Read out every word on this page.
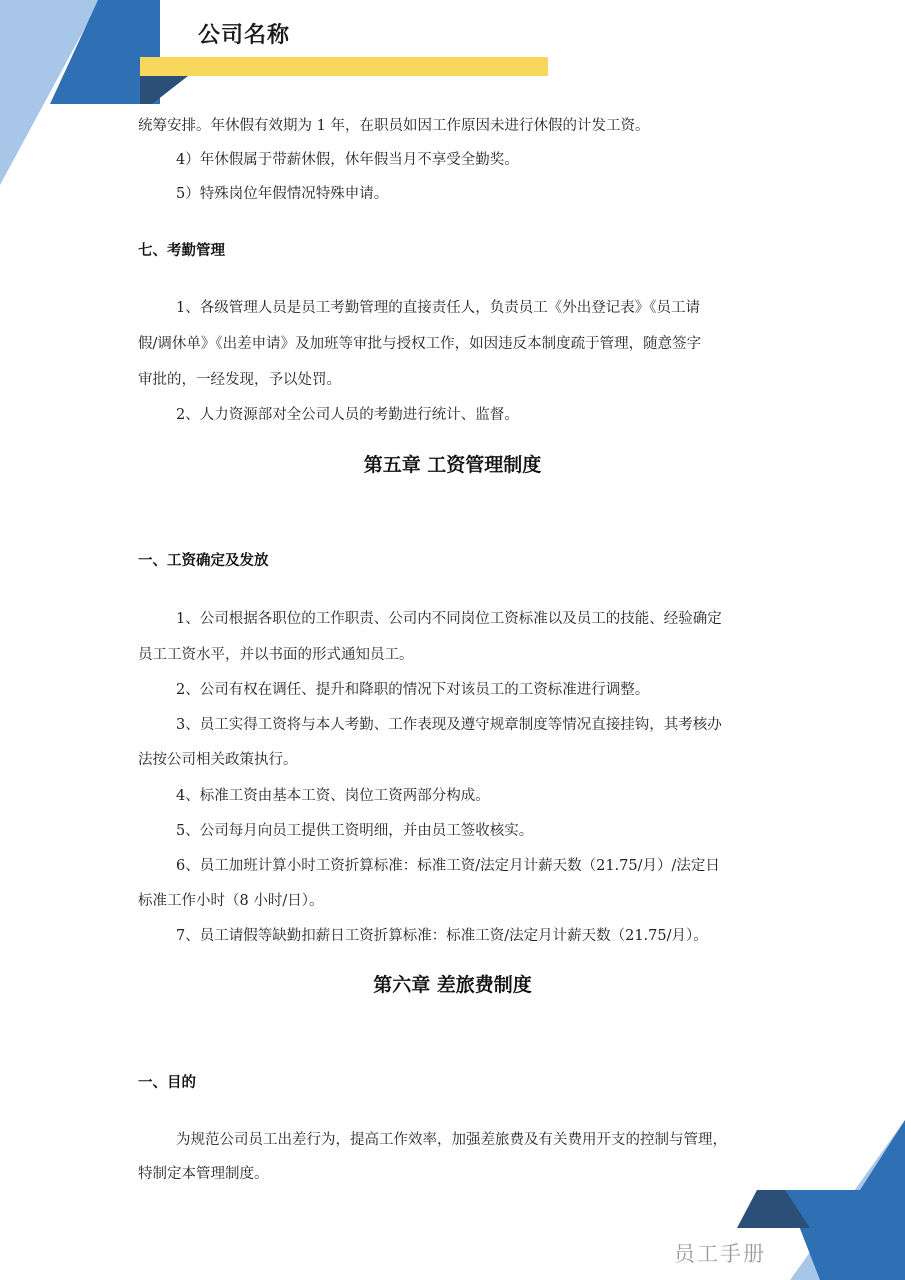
公司名称
统筹安排。年休假有效期为 1 年，在职员如因工作原因未进行休假的计发工资。
4）年休假属于带薪休假，休年假当月不享受全勤奖。
5）特殊岗位年假情况特殊申请。
七、考勤管理
1、各级管理人员是员工考勤管理的直接责任人，负责员工《外出登记表》《员工请
假/调休单》《出差申请》及加班等审批与授权工作，如因违反本制度疏于管理，随意签字
审批的，一经发现，予以处罚。
2、人力资源部对全公司人员的考勤进行统计、监督。
第五章 工资管理制度
一、工资确定及发放
1、公司根据各职位的工作职责、公司内不同岗位工资标准以及员工的技能、经验确定
员工工资水平，并以书面的形式通知员工。
2、公司有权在调任、提升和降职的情况下对该员工的工资标准进行调整。
3、员工实得工资将与本人考勤、工作表现及遵守规章制度等情况直接挂钩，其考核办
法按公司相关政策执行。
4、标准工资由基本工资、岗位工资两部分构成。
5、公司每月向员工提供工资明细，并由员工签收核实。
6、员工加班计算小时工资折算标准：标准工资/法定月计薪天数（21.75/月）/法定日
标准工作小时（8 小时/日）。
7、员工请假等缺勤扣薪日工资折算标准：标准工资/法定月计薪天数（21.75/月）。
第六章 差旅费制度
一、目的
为规范公司员工出差行为，提高工作效率，加强差旅费及有关费用开支的控制与管理，
特制定本管理制度。
员工手册
